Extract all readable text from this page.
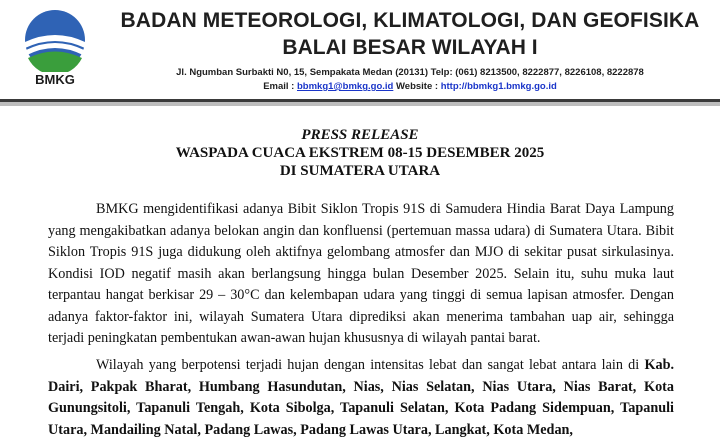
BMKG
BADAN METEOROLOGI, KLIMATOLOGI, DAN GEOFISIKA
BALAI BESAR WILAYAH I
Jl. Ngumban Surbakti N0, 15, Sempakata Medan (20131) Telp: (061) 8213500, 8222877, 8226108, 8222878
Email : bbmkg1@bmkg.go.id Website : http://bbmkg1.bmkg.go.id
PRESS RELEASE
WASPADA CUACA EKSTREM 08-15 DESEMBER 2025
DI SUMATERA UTARA
BMKG mengidentifikasi adanya Bibit Siklon Tropis 91S di Samudera Hindia Barat Daya Lampung yang mengakibatkan adanya belokan angin dan konfluensi (pertemuan massa udara) di Sumatera Utara. Bibit Siklon Tropis 91S juga didukung oleh aktifnya gelombang atmosfer dan MJO di sekitar pusat sirkulasinya. Kondisi IOD negatif masih akan berlangsung hingga bulan Desember 2025. Selain itu, suhu muka laut terpantau hangat berkisar 29 – 30°C dan kelembapan udara yang tinggi di semua lapisan atmosfer. Dengan adanya faktor-faktor ini, wilayah Sumatera Utara diprediksi akan menerima tambahan uap air, sehingga terjadi peningkatan pembentukan awan-awan hujan khususnya di wilayah pantai barat.
Wilayah yang berpotensi terjadi hujan dengan intensitas lebat dan sangat lebat antara lain di Kab. Dairi, Pakpak Bharat, Humbang Hasundutan, Nias, Nias Selatan, Nias Utara, Nias Barat, Kota Gunungsitoli, Tapanuli Tengah, Kota Sibolga, Tapanuli Selatan, Kota Padang Sidempuan, Tapanuli Utara, Mandailing Natal, Padang Lawas, Padang Lawas Utara, Langkat, Kota Medan,
